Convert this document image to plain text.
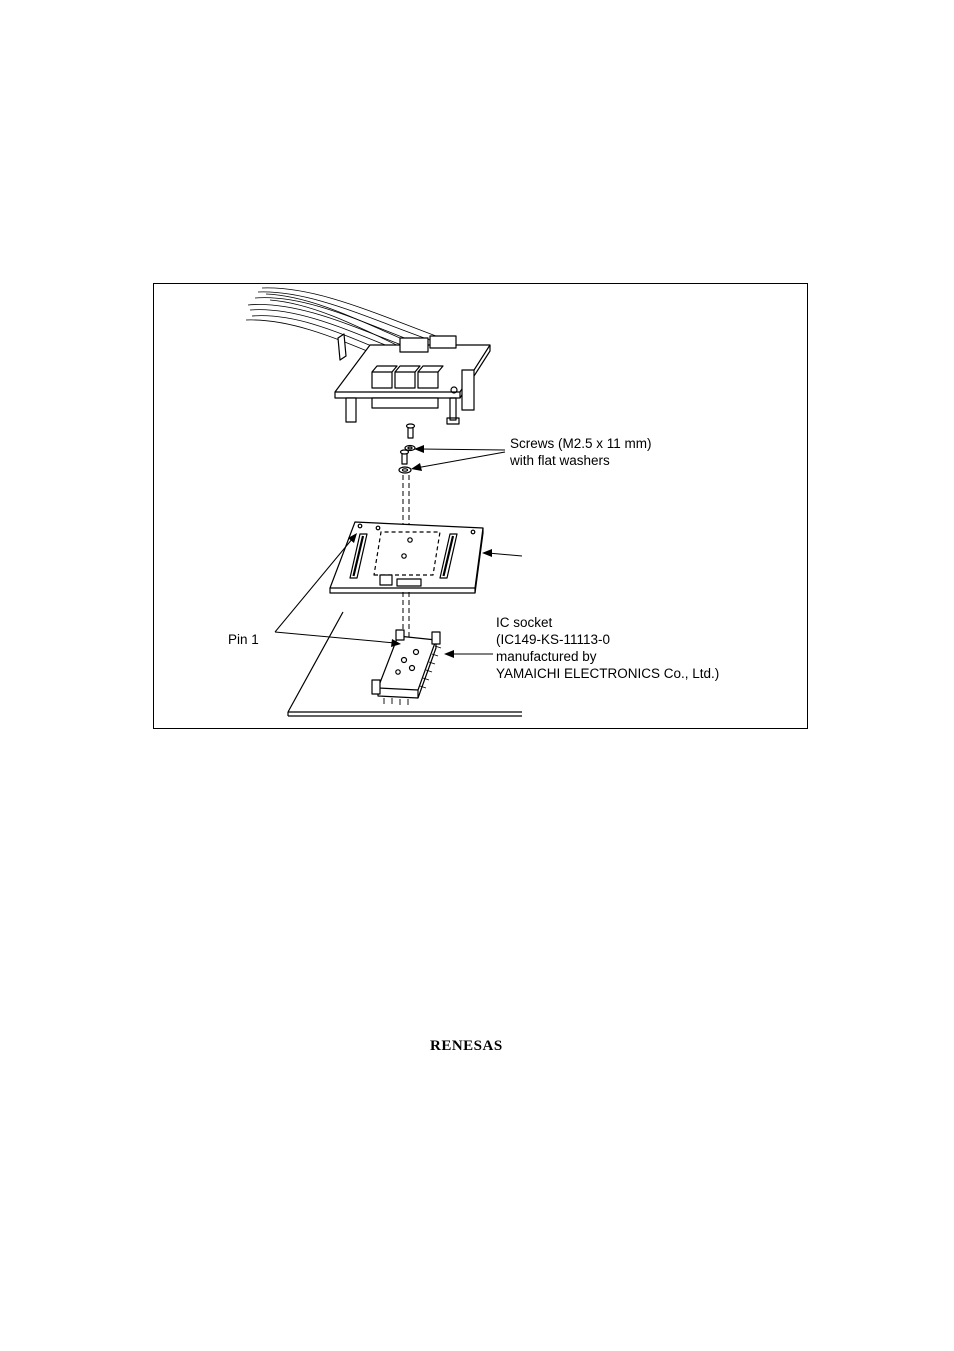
Screws (M2.5 x 11 mm)
with flat washers
IC socket
(IC149-KS-11113-0
manufactured by
YAMAICHI ELECTRONICS Co., Ltd.)
Pin 1
RENESAS
